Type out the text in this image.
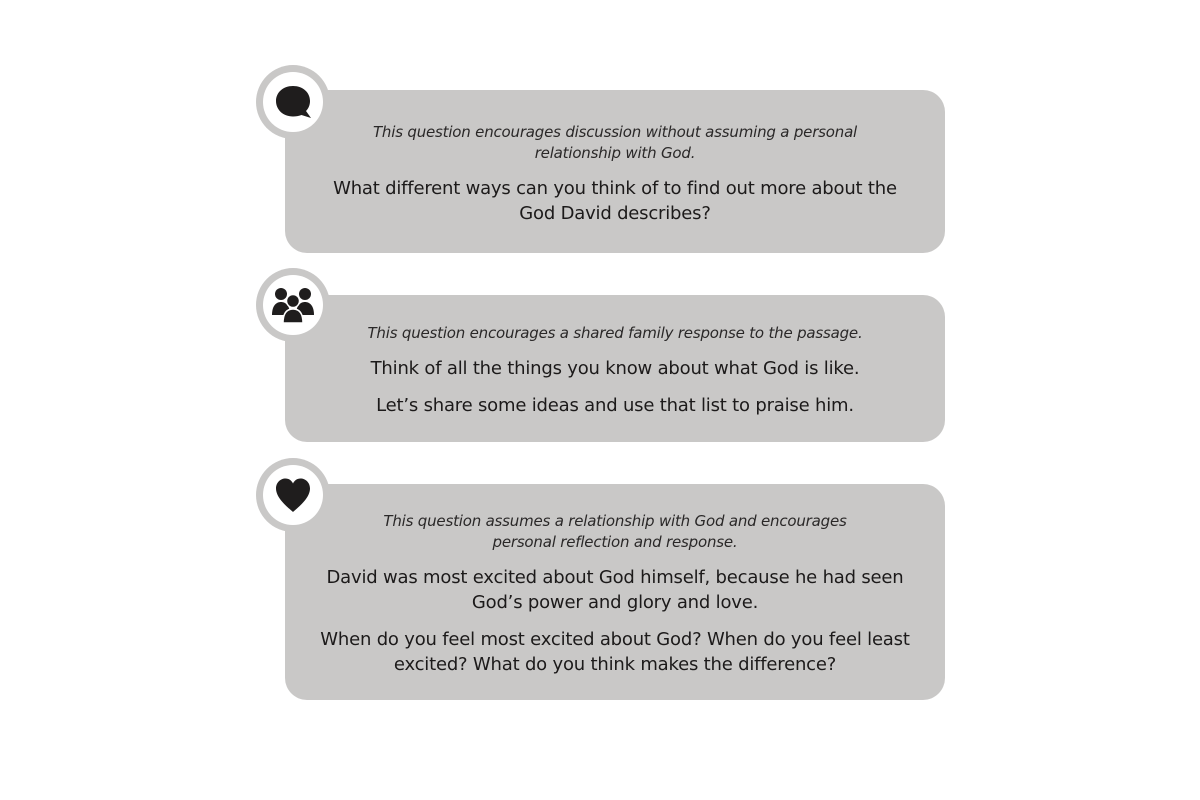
This question encourages discussion without assuming a personal relationship with God.

What different ways can you think of to find out more about the God David describes?

This question encourages a shared family response to the passage.

Think of all the things you know about what God is like.

Let’s share some ideas and use that list to praise him.

This question assumes a relationship with God and encourages personal reflection and response.

David was most excited about God himself, because he had seen God’s power and glory and love.

When do you feel most excited about God? When do you feel least excited? What do you think makes the difference?
